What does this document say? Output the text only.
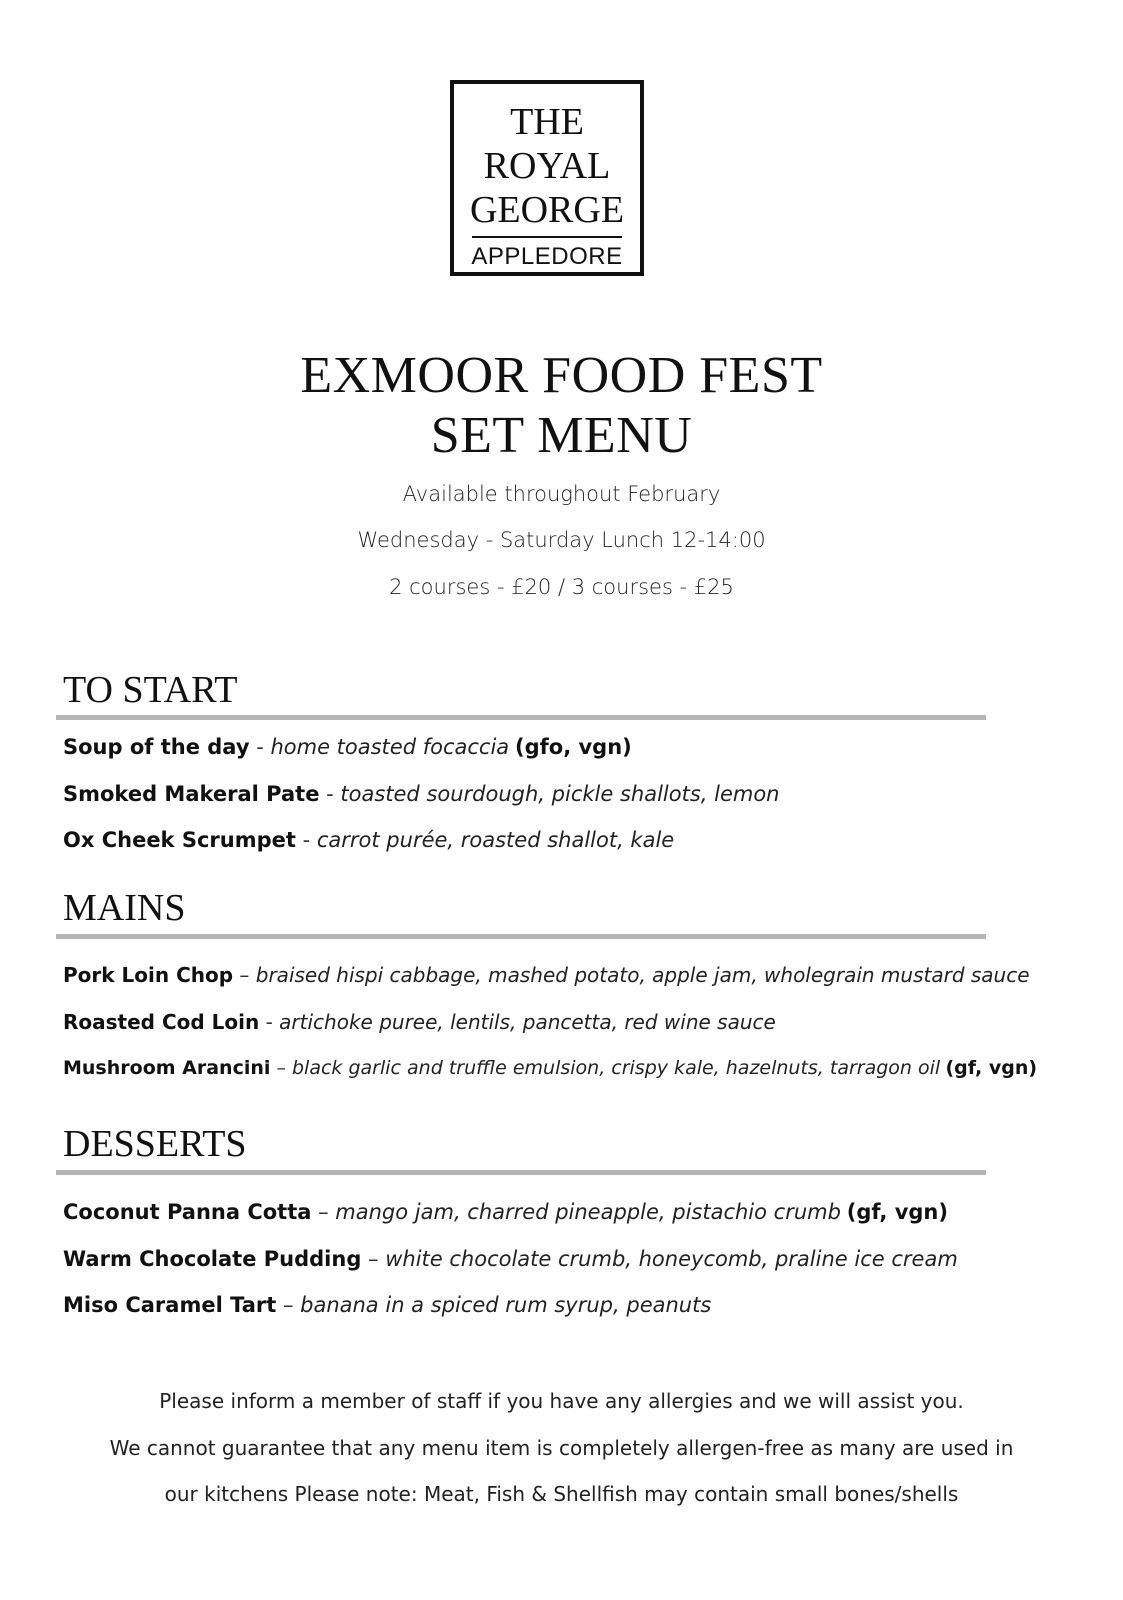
THE
ROYAL
GEORGE
APPLEDORE
EXMOOR FOOD FEST
SET MENU
Available throughout February
Wednesday - Saturday Lunch 12-14:00
2 courses - £20 / 3 courses - £25
TO START
Soup of the day - home toasted focaccia (gfo, vgn)
Smoked Makeral Pate - toasted sourdough, pickle shallots, lemon
Ox Cheek Scrumpet - carrot purée, roasted shallot, kale
MAINS
Pork Loin Chop – braised hispi cabbage, mashed potato, apple jam, wholegrain mustard sauce
Roasted Cod Loin - artichoke puree, lentils, pancetta, red wine sauce
Mushroom Arancini – black garlic and truffle emulsion, crispy kale, hazelnuts, tarragon oil (gf, vgn)
DESSERTS
Coconut Panna Cotta – mango jam, charred pineapple, pistachio crumb (gf, vgn)
Warm Chocolate Pudding – white chocolate crumb, honeycomb, praline ice cream
Miso Caramel Tart – banana in a spiced rum syrup, peanuts
Please inform a member of staff if you have any allergies and we will assist you.
We cannot guarantee that any menu item is completely allergen-free as many are used in
our kitchens Please note: Meat, Fish & Shellfish may contain small bones/shells
